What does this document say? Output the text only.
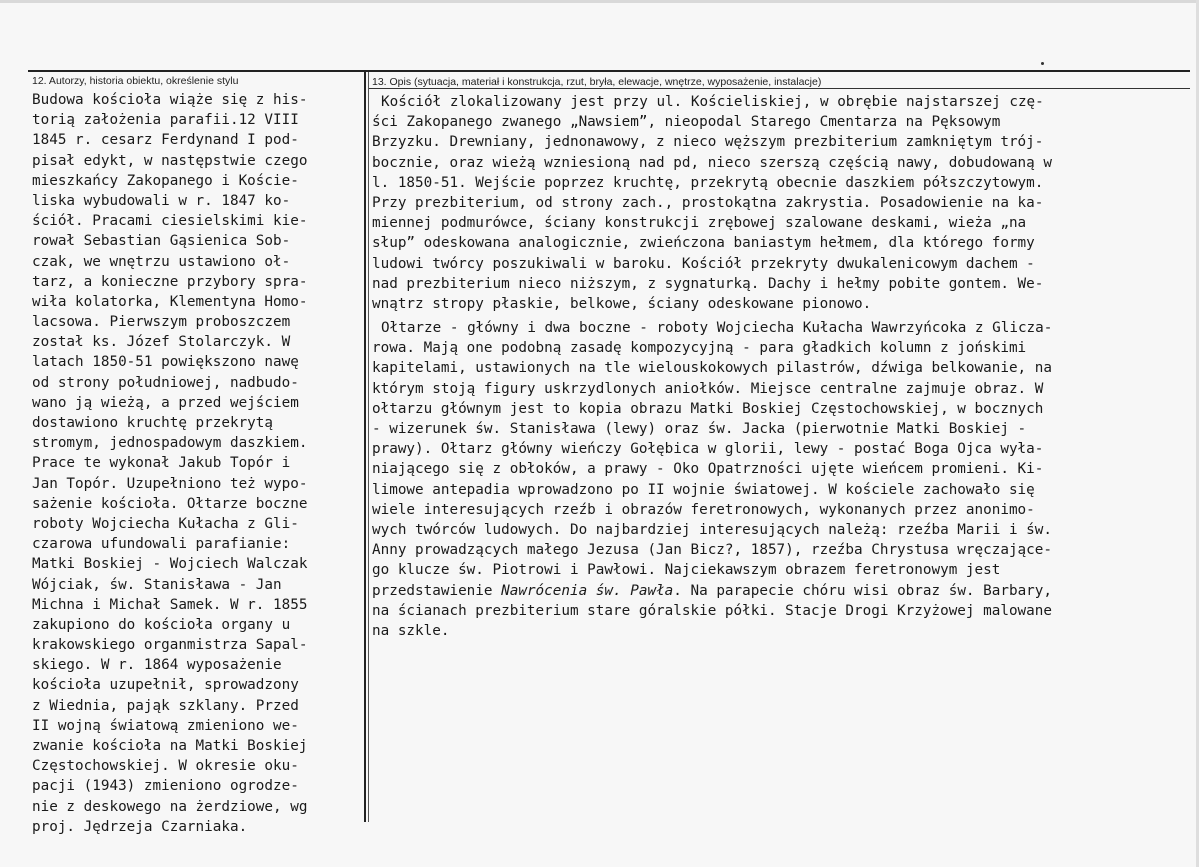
12. Autorzy, historia obiektu, określenie stylu
Budowa kościoła wiąże się z his-
torią założenia parafii.12 VIII
1845 r. cesarz Ferdynand I pod-
pisał edykt, w następstwie czego
mieszkańcy Zakopanego i Koście-
liska wybudowali w r. 1847 ko-
ściół. Pracami ciesielskimi kie-
rował Sebastian Gąsienica Sob-
czak, we wnętrzu ustawiono oł-
tarz, a konieczne przybory spra-
wiła kolatorka, Klementyna Homo-
lacsowa. Pierwszym proboszczem
został ks. Józef Stolarczyk. W
latach 1850-51 powiększono nawę
od strony południowej, nadbudo-
wano ją wieżą, a przed wejściem
dostawiono kruchtę przekrytą
stromym, jednospadowym daszkiem.
Prace te wykonał Jakub Topór i
Jan Topór. Uzupełniono też wypo-
sażenie kościoła. Ołtarze boczne
roboty Wojciecha Kułacha z Gli-
czarowa ufundowali parafianie:
Matki Boskiej - Wojciech Walczak
Wójciak, św. Stanisława - Jan
Michna i Michał Samek. W r. 1855
zakupiono do kościoła organy u
krakowskiego organmistrza Sapal-
skiego. W r. 1864 wyposażenie
kościoła uzupełnił, sprowadzony
z Wiednia, pająk szklany. Przed
II wojną światową zmieniono we-
zwanie kościoła na Matki Boskiej
Częstochowskiej. W okresie oku-
pacji (1943) zmieniono ogrodze-
nie z deskowego na żerdziowe, wg
proj. Jędrzeja Czarniaka.
13. Opis (sytuacja, materiał i konstrukcja, rzut, bryła, elewacje, wnętrze, wyposażenie, instalacje)
Kościół zlokalizowany jest przy ul. Kościeliskiej, w obrębie najstarszej czę-
ści Zakopanego zwanego „Nawsiem”, nieopodal Starego Cmentarza na Pęksowym
Brzyzku. Drewniany, jednonawowy, z nieco węższym prezbiterium zamkniętym trój-
bocznie, oraz wieżą wzniesioną nad pd, nieco szerszą częścią nawy, dobudowaną w
l. 1850-51. Wejście poprzez kruchtę, przekrytą obecnie daszkiem półszczytowym.
Przy prezbiterium, od strony zach., prostokątna zakrystia. Posadowienie na ka-
miennej podmurówce, ściany konstrukcji zrębowej szalowane deskami, wieża „na
słup” odeskowana analogicznie, zwieńczona baniastym hełmem, dla którego formy
ludowi twórcy poszukiwali w baroku. Kościół przekryty dwukalenicowym dachem -
nad prezbiterium nieco niższym, z sygnaturką. Dachy i hełmy pobite gontem. We-
wnątrz stropy płaskie, belkowe, ściany odeskowane pionowo.
Ołtarze - główny i dwa boczne - roboty Wojciecha Kułacha Wawrzyńcoka z Glicza-
rowa. Mają one podobną zasadę kompozycyjną - para gładkich kolumn z jońskimi
kapitelami, ustawionych na tle wielouskokowych pilastrów, dźwiga belkowanie, na
którym stoją figury uskrzydlonych aniołków. Miejsce centralne zajmuje obraz. W
ołtarzu głównym jest to kopia obrazu Matki Boskiej Częstochowskiej, w bocznych
- wizerunek św. Stanisława (lewy) oraz św. Jacka (pierwotnie Matki Boskiej -
prawy). Ołtarz główny wieńczy Gołębica w glorii, lewy - postać Boga Ojca wyła-
niającego się z obłoków, a prawy - Oko Opatrzności ujęte wieńcem promieni. Ki-
limowe antepadia wprowadzono po II wojnie światowej. W kościele zachowało się
wiele interesujących rzeźb i obrazów feretronowych, wykonanych przez anonimo-
wych twórców ludowych. Do najbardziej interesujących należą: rzeźba Marii i św.
Anny prowadzących małego Jezusa (Jan Bicz?, 1857), rzeźba Chrystusa wręczające-
go klucze św. Piotrowi i Pawłowi. Najciekawszym obrazem feretronowym jest
przedstawienie Nawrócenia św. Pawła. Na parapecie chóru wisi obraz św. Barbary,
na ścianach prezbiterium stare góralskie półki. Stacje Drogi Krzyżowej malowane
na szkle.
